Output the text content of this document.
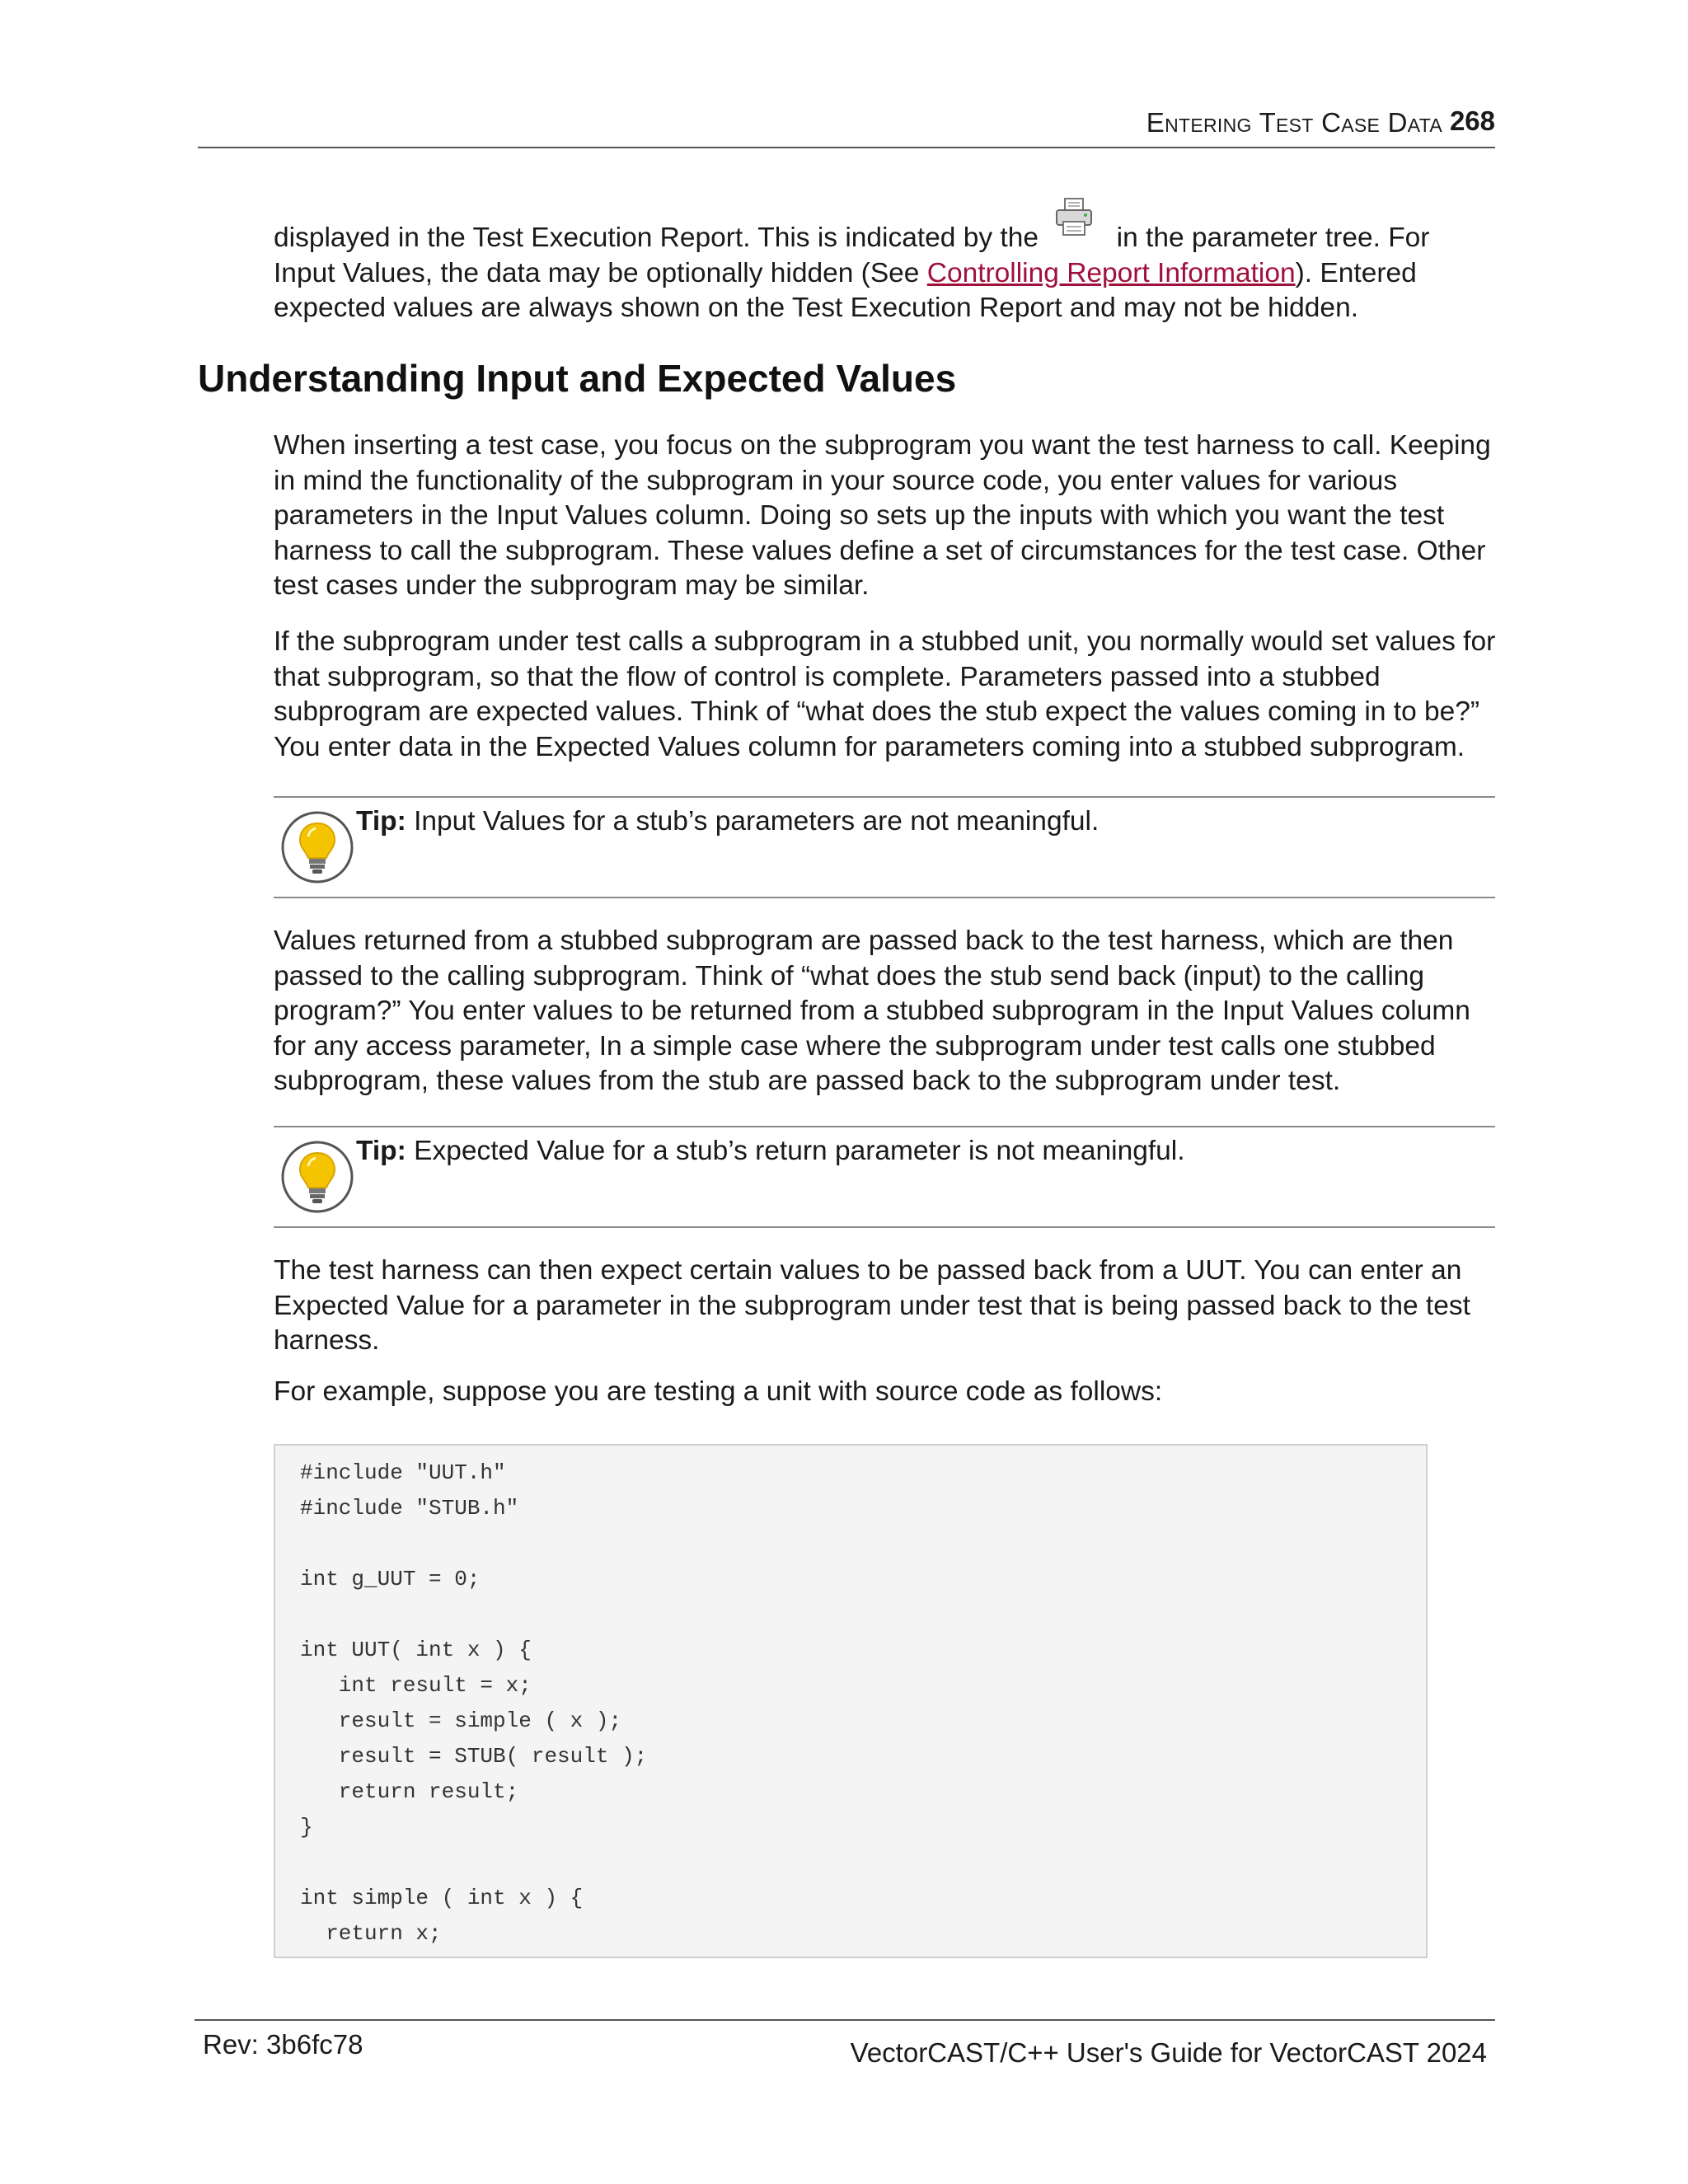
Entering Test Case Data 268

displayed in the Test Execution Report. This is indicated by the	in the parameter tree. For Input Values, the data may be optionally hidden (See Controlling Report Information). Entered expected values are always shown on the Test Execution Report and may not be hidden.

Understanding Input and Expected Values

When inserting a test case, you focus on the subprogram you want the test harness to call. Keeping in mind the functionality of the subprogram in your source code, you enter values for various parameters in the Input Values column. Doing so sets up the inputs with which you want the test harness to call the subprogram. These values define a set of circumstances for the test case. Other test cases under the subprogram may be similar.

If the subprogram under test calls a subprogram in a stubbed unit, you normally would set values for that subprogram, so that the flow of control is complete. Parameters passed into a stubbed subprogram are expected values. Think of “what does the stub expect the values coming in to be?” You enter data in the Expected Values column for parameters coming into a stubbed subprogram.

Tip: Input Values for a stub’s parameters are not meaningful.

Values returned from a stubbed subprogram are passed back to the test harness, which are then passed to the calling subprogram. Think of “what does the stub send back (input) to the calling program?” You enter values to be returned from a stubbed subprogram in the Input Values column for any access parameter, In a simple case where the subprogram under test calls one stubbed subprogram, these values from the stub are passed back to the subprogram under test.

Tip: Expected Value for a stub’s return parameter is not meaningful.

The test harness can then expect certain values to be passed back from a UUT. You can enter an Expected Value for a parameter in the subprogram under test that is being passed back to the test harness.

For example, suppose you are testing a unit with source code as follows:

#include "UUT.h"
#include "STUB.h"
int g_UUT = 0;
int UUT( int x ) {
int result = x;
result = simple ( x );
result = STUB( result );
return result;
}
int simple ( int x ) {
return x;
Rev: 3b6fc78	VectorCAST/C++ User's Guide for VectorCAST 2024
